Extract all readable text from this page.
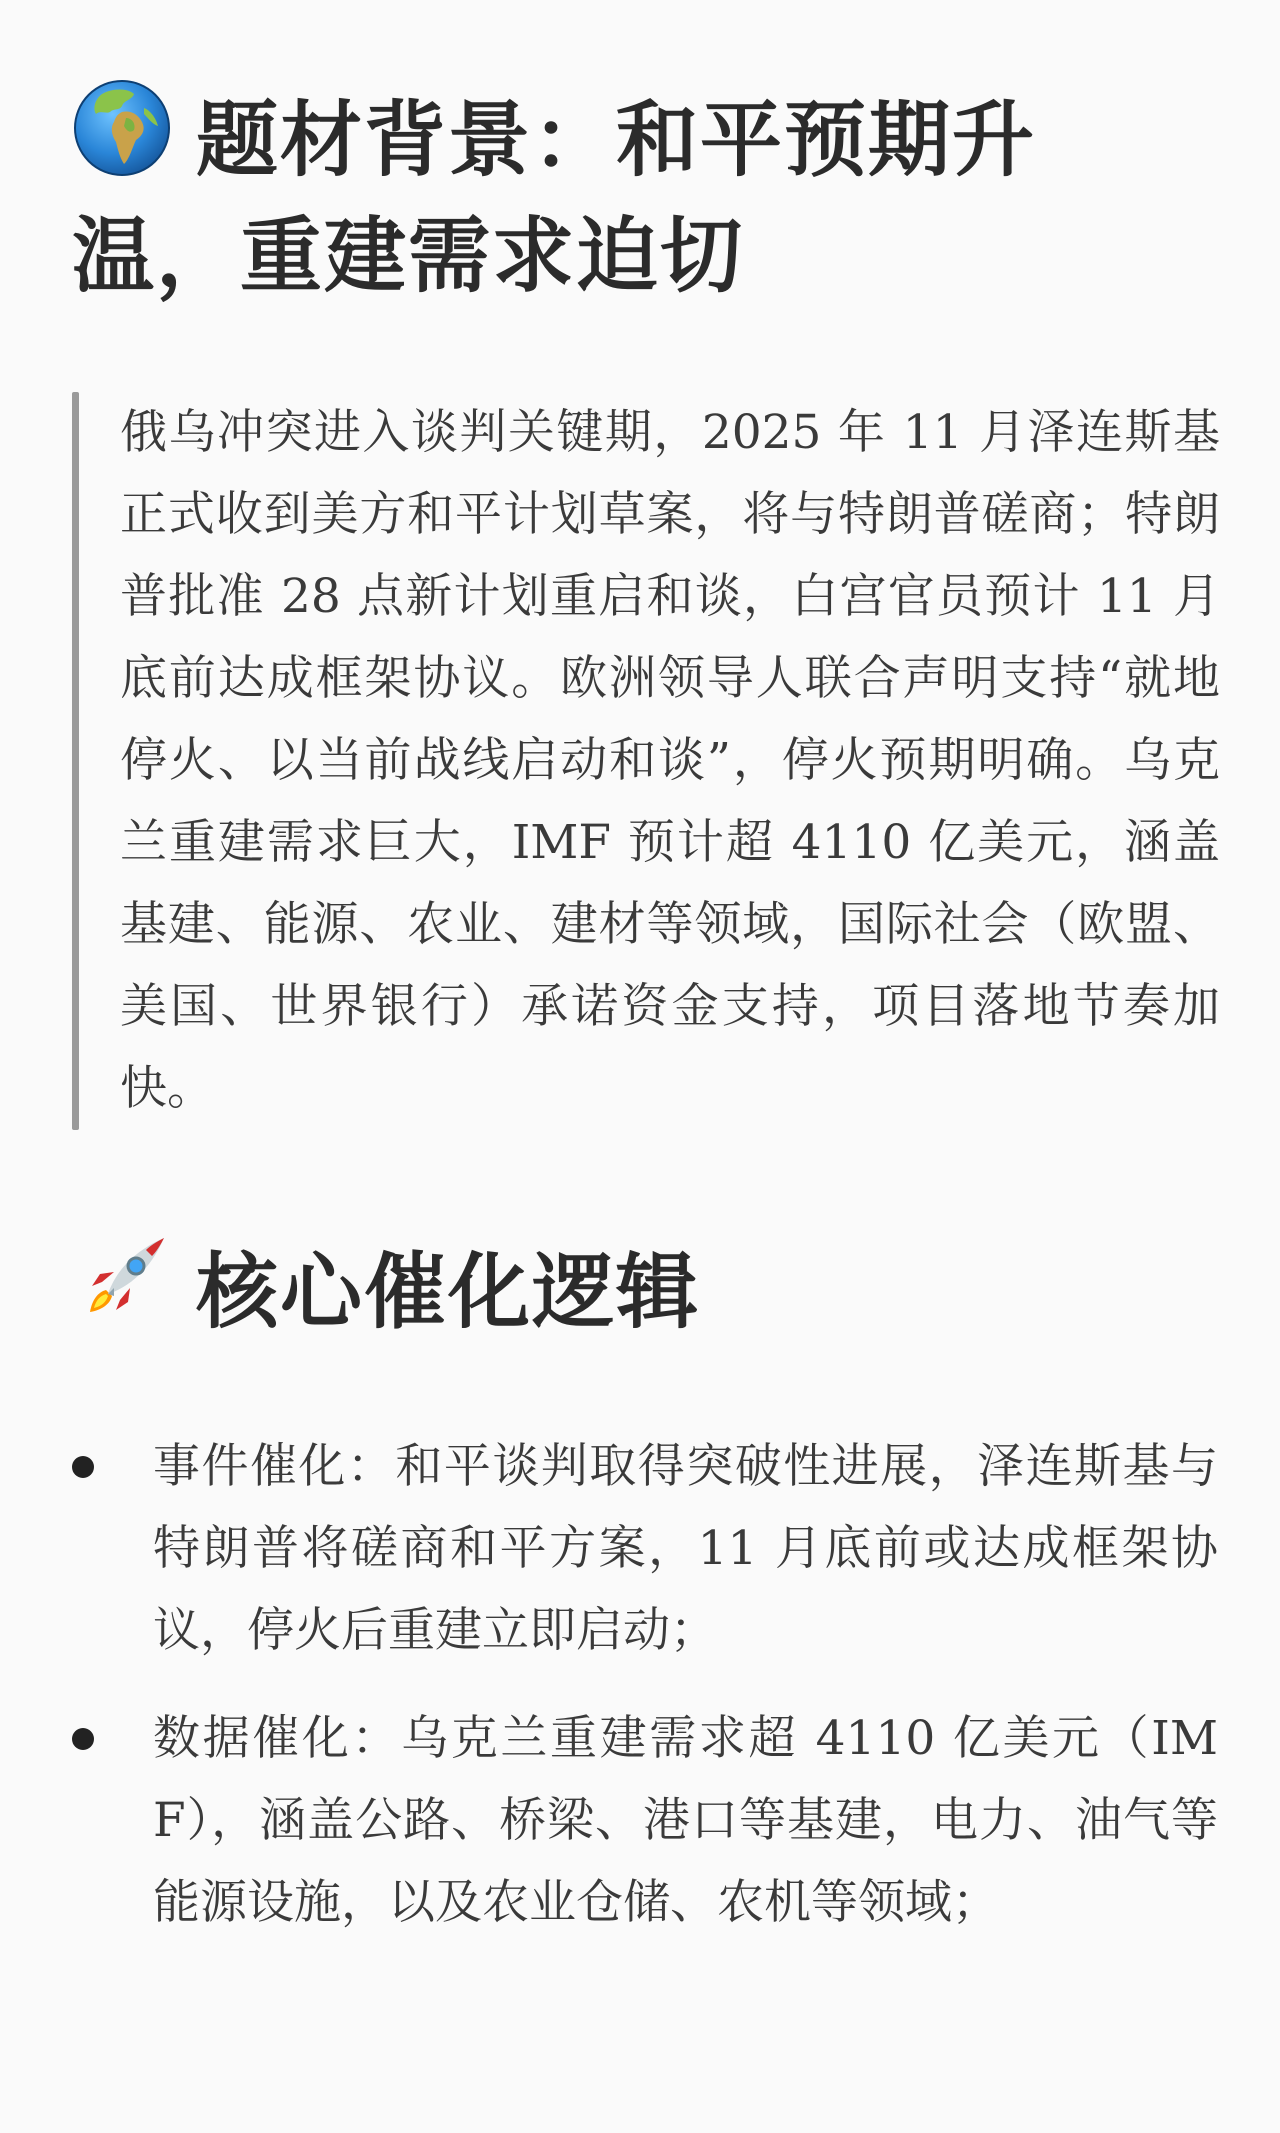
题材背景：和平预期升温，重建需求迫切

俄乌冲突进入谈判关键期，2025 年 11 月泽连斯基正式收到美方和平计划草案，将与特朗普磋商；特朗普批准 28 点新计划重启和谈，白宫官员预计 11 月底前达成框架协议。欧洲领导人联合声明支持“就地停火、以当前战线启动和谈”，停火预期明确。乌克兰重建需求巨大，IMF 预计超 4110 亿美元，涵盖基建、能源、农业、建材等领域，国际社会（欧盟、美国、世界银行）承诺资金支持，项目落地节奏加快。

核心催化逻辑
事件催化：和平谈判取得突破性进展，泽连斯基与特朗普将磋商和平方案，11 月底前或达成框架协议，停火后重建立即启动；
数据催化：乌克兰重建需求超 4110 亿美元（IMF），涵盖公路、桥梁、港口等基建，电力、油气等能源设施，以及农业仓储、农机等领域；
